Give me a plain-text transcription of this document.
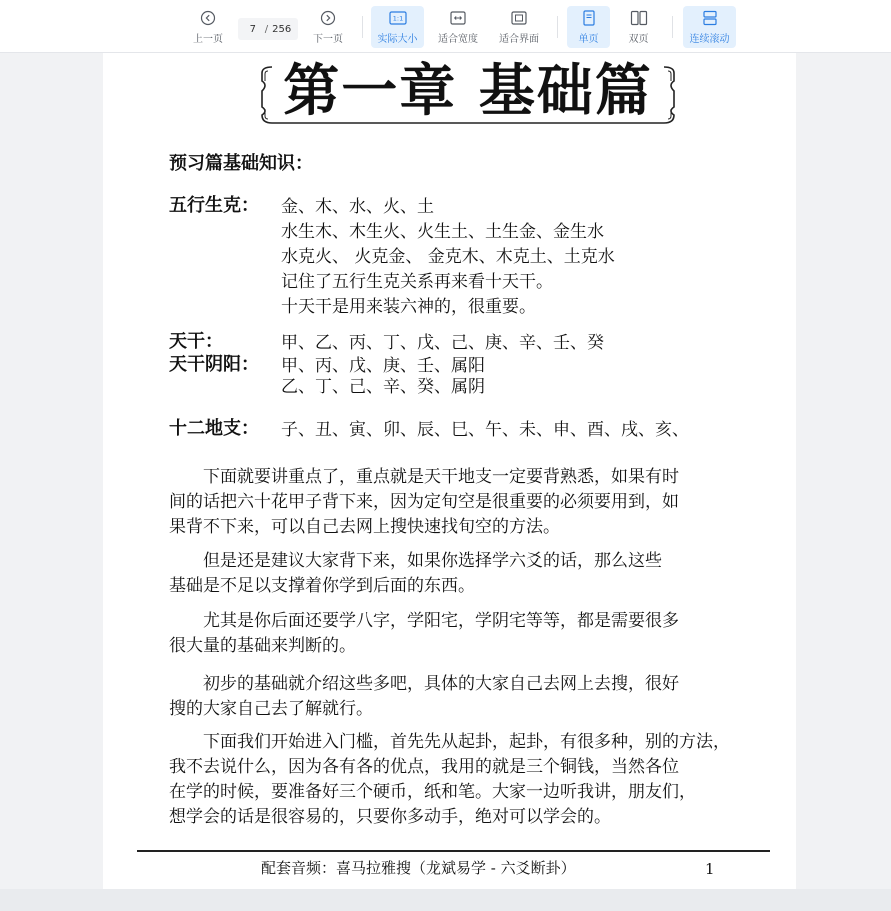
上一页
7 / 256
下一页
1:1
实际大小 适合宽度 适合界面	单页	双页	连续滚动
第一章 基础篇
预习篇基础知识：
五行生克： 金、木、水、火、土
水生木、木生火、火生土、土生金、金生水
水克火、 火克金、 金克木、木克土、土克水
记住了五行生克关系再来看十天干。
十天干是用来装六神的，很重要。
天干：	甲、乙、丙、丁、戊、己、庚、辛、壬、癸
天干阴阳： 甲、丙、戊、庚、壬、属阳
乙、丁、己、辛、癸、属阴
十二地支： 子、丑、寅、卯、辰、巳、午、未、申、酉、戌、亥、
　　下面就要讲重点了，重点就是天干地支一定要背熟悉，如果有时
间的话把六十花甲子背下来，因为定旬空是很重要的必须要用到，如
果背不下来，可以自己去网上搜快速找旬空的方法。
　　但是还是建议大家背下来，如果你选择学六爻的话，那么这些
基础是不足以支撑着你学到后面的东西。
　　尤其是你后面还要学八字，学阳宅，学阴宅等等，都是需要很多
很大量的基础来判断的。
　　初步的基础就介绍这些多吧，具体的大家自己去网上去搜，很好
搜的大家自己去了解就行。
　　下面我们开始进入门槛，首先先从起卦，起卦，有很多种，别的方法，
我不去说什么，因为各有各的优点，我用的就是三个铜钱，当然各位
在学的时候，要准备好三个硬币，纸和笔。大家一边听我讲，朋友们，
想学会的话是很容易的，只要你多动手，绝对可以学会的。
配套音频：喜马拉雅搜（龙斌易学 - 六爻断卦）	1
